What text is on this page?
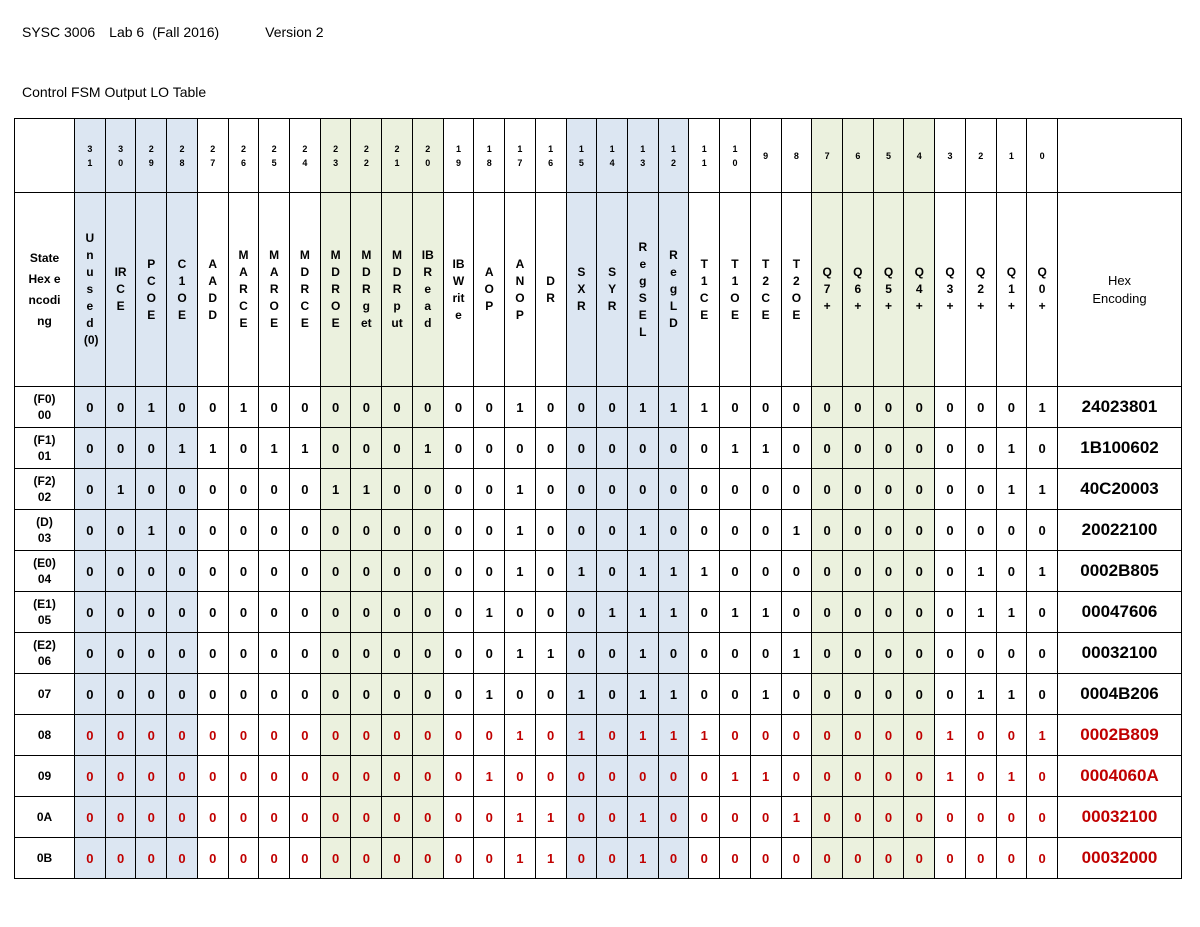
SYSC 3006 Lab 6 (Fall 2016)	Version 2
Control FSM Output LO Table
	31	30	29	28	27	26	25	24	23	22	21	20	19	18	17	16	15	14	13	12	11	10	9	8	7	6	5	4	3	2	1	0	
State Hex encoding	Unused(0)	IRCE	PCOE	C1OE	AADD	MARCE	MAROE	MDRCE	MDROE	MDRget	MDRput	IBRead	IBWrite	AOP	ANOP	DR	SXR	SYR	RegSEL	RegLD	T1CE	T1OE	T2CE	T2OE	Q7+	Q6+	Q5+	Q4+	Q3+	Q2+	Q1+	Q0+	Hex Encoding
(F0) 00	0	0	1	0	0	1	0	0	0	0	0	0	0	0	1	0	0	0	1	1	1	0	0	0	0	0	0	0	0	0	0	1	24023801
(F1) 01	0	0	0	1	1	0	1	1	0	0	0	1	0	0	0	0	0	0	0	0	0	1	1	0	0	0	0	0	0	0	1	0	1B100602
(F2) 02	0	1	0	0	0	0	0	0	1	1	0	0	0	0	1	0	0	0	0	0	0	0	0	0	0	0	0	0	0	0	1	1	40C20003
(D) 03	0	0	1	0	0	0	0	0	0	0	0	0	0	0	1	0	0	0	1	0	0	0	0	1	0	0	0	0	0	0	0	0	20022100
(E0) 04	0	0	0	0	0	0	0	0	0	0	0	0	0	0	1	0	1	0	1	1	1	0	0	0	0	0	0	0	0	1	0	1	0002B805
(E1) 05	0	0	0	0	0	0	0	0	0	0	0	0	0	1	0	0	0	1	1	1	0	1	1	0	0	0	0	0	0	1	1	0	00047606
(E2) 06	0	0	0	0	0	0	0	0	0	0	0	0	0	0	1	1	0	0	1	0	0	0	0	1	0	0	0	0	0	0	0	0	00032100
07	0	0	0	0	0	0	0	0	0	0	0	0	0	1	0	0	1	0	1	1	0	0	1	0	0	0	0	0	0	1	1	0	0004B206
08	0	0	0	0	0	0	0	0	0	0	0	0	0	0	1	0	1	0	1	1	1	0	0	0	0	0	0	0	1	0	0	1	0002B809
09	0	0	0	0	0	0	0	0	0	0	0	0	0	1	0	0	0	0	0	0	0	1	1	0	0	0	0	0	1	0	1	0	0004060A
0A	0	0	0	0	0	0	0	0	0	0	0	0	0	0	1	1	0	0	1	0	0	0	0	1	0	0	0	0	0	0	0	0	00032100
0B	0	0	0	0	0	0	0	0	0	0	0	0	0	0	1	1	0	0	1	0	0	0	0	0	0	0	0	0	0	0	0	0	00032000
